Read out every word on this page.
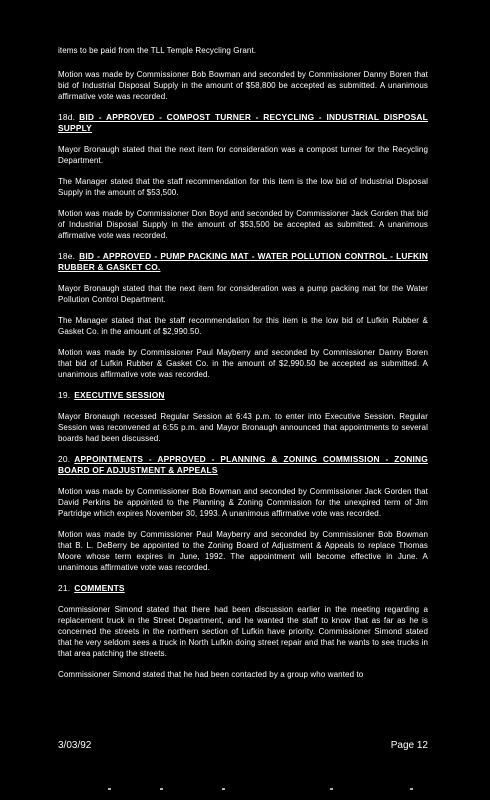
items to be paid from the TLL Temple Recycling Grant.
Motion was made by Commissioner Bob Bowman and seconded by Commissioner Danny Boren that bid of Industrial Disposal Supply in the amount of $58,800 be accepted as submitted. A unanimous affirmative vote was recorded.
18d. BID - APPROVED - COMPOST TURNER - RECYCLING - INDUSTRIAL DISPOSAL SUPPLY
Mayor Bronaugh stated that the next item for consideration was a compost turner for the Recycling Department.
The Manager stated that the staff recommendation for this item is the low bid of Industrial Disposal Supply in the amount of $53,500.
Motion was made by Commissioner Don Boyd and seconded by Commissioner Jack Gorden that bid of Industrial Disposal Supply in the amount of $53,500 be accepted as submitted. A unanimous affirmative vote was recorded.
18e. BID - APPROVED - PUMP PACKING MAT - WATER POLLUTION CONTROL - LUFKIN RUBBER & GASKET CO.
Mayor Bronaugh stated that the next item for consideration was a pump packing mat for the Water Pollution Control Department.
The Manager stated that the staff recommendation for this item is the low bid of Lufkin Rubber & Gasket Co. in the amount of $2,990.50.
Motion was made by Commissioner Paul Mayberry and seconded by Commissioner Danny Boren that bid of Lufkin Rubber & Gasket Co. in the amount of $2,990.50 be accepted as submitted. A unanimous affirmative vote was recorded.
19. EXECUTIVE SESSION
Mayor Bronaugh recessed Regular Session at 6:43 p.m. to enter into Executive Session. Regular Session was reconvened at 6:55 p.m. and Mayor Bronaugh announced that appointments to several boards had been discussed.
20. APPOINTMENTS - APPROVED - PLANNING & ZONING COMMISSION - ZONING BOARD OF ADJUSTMENT & APPEALS
Motion was made by Commissioner Bob Bowman and seconded by Commissioner Jack Gorden that David Perkins be appointed to the Planning & Zoning Commission for the unexpired term of Jim Partridge which expires November 30, 1993. A unanimous affirmative vote was recorded.
Motion was made by Commissioner Paul Mayberry and seconded by Commissioner Bob Bowman that B. L. DeBerry be appointed to the Zoning Board of Adjustment & Appeals to replace Thomas Moore whose term expires in June, 1992. The appointment will become effective in June. A unanimous affirmative vote was recorded.
21. COMMENTS
Commissioner Simond stated that there had been discussion earlier in the meeting regarding a replacement truck in the Street Department, and he wanted the staff to know that as far as he is concerned the streets in the northern section of Lufkin have priority. Commissioner Simond stated that he very seldom sees a truck in North Lufkin doing street repair and that he wants to see trucks in that area patching the streets.
Commissioner Simond stated that he had been contacted by a group who wanted to
3/03/92	Page 12
